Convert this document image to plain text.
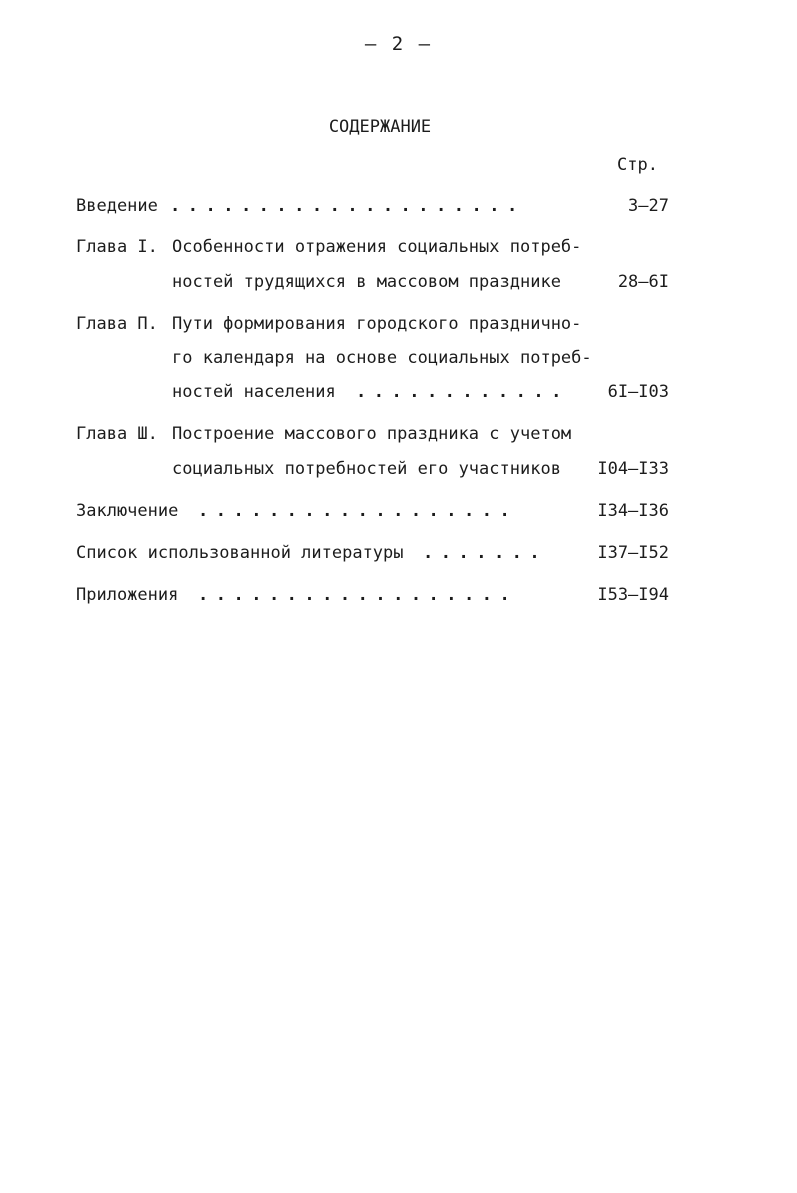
– 2 –
СОДЕРЖАНИЕ
Стр.
Введение ....................	3–27
Глава I. Особенности отражения социальных потреб-
ностей трудящихся в массовом празднике	28–6I
Глава П. Пути формирования городского празднично-
го календаря на основе социальных потреб-
ностей населения ............ 6I–I03
Глава Ш. Построение массового праздника с учетом
социальных потребностей его участников I04–I33
Заключение ..................	I34–I36
Список использованной литературы .......	I37–I52
Приложения ..................	I53–I94
